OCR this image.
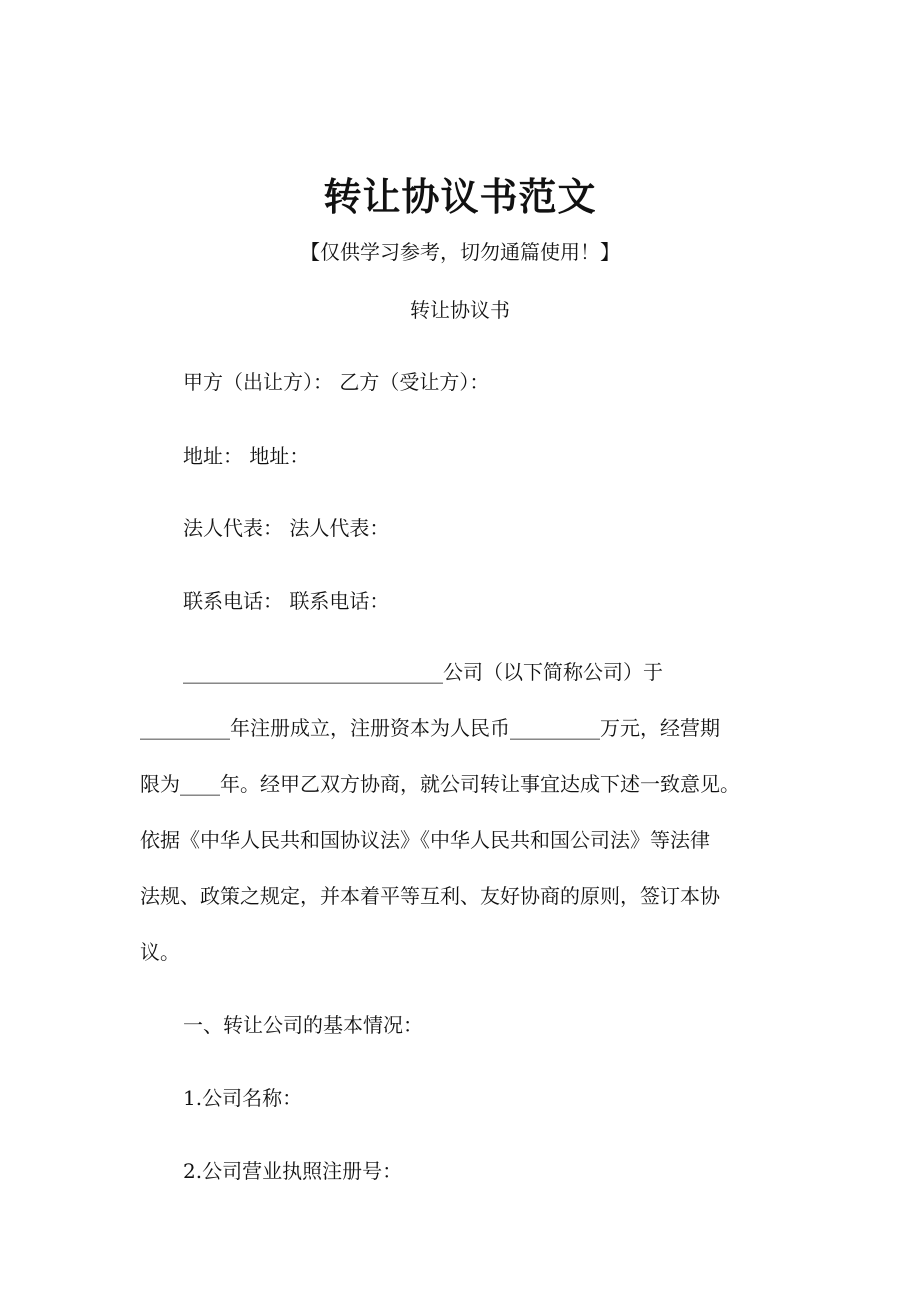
转让协议书范文
【仅供学习参考，切勿通篇使用！】
转让协议书
甲方（出让方）： 乙方（受让方）：
地址： 地址：
法人代表： 法人代表：
联系电话： 联系电话：
__________________________公司（以下简称公司）于
_________年注册成立，注册资本为人民币_________万元，经营期
限为____年。经甲乙双方协商，就公司转让事宜达成下述一致意见。
依据《中华人民共和国协议法》《中华人民共和国公司法》等法律
法规、政策之规定，并本着平等互利、友好协商的原则，签订本协
议。
一、转让公司的基本情况：
1.公司名称：
2.公司营业执照注册号：
